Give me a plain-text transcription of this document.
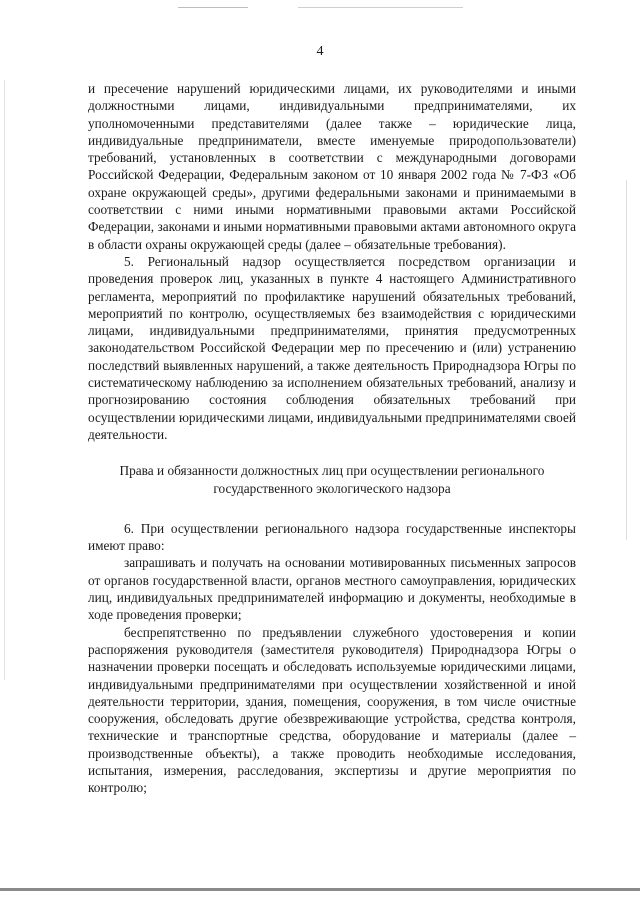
4

и пресечение нарушений юридическими лицами, их руководителями и иными должностными лицами, индивидуальными предпринимателями, их уполномоченными представителями (далее также – юридические лица, индивидуальные предприниматели, вместе именуемые природопользователи) требований, установленных в соответствии с международными договорами Российской Федерации, Федеральным законом от 10 января 2002 года № 7-ФЗ «Об охране окружающей среды», другими федеральными законами и принимаемыми в соответствии с ними иными нормативными правовыми актами Российской Федерации, законами и иными нормативными правовыми актами автономного округа в области охраны окружающей среды (далее – обязательные требования).

5. Региональный надзор осуществляется посредством организации и проведения проверок лиц, указанных в пункте 4 настоящего Административного регламента, мероприятий по профилактике нарушений обязательных требований, мероприятий по контролю, осуществляемых без взаимодействия с юридическими лицами, индивидуальными предпринимателями, принятия предусмотренных законодательством Российской Федерации мер по пресечению и (или) устранению последствий выявленных нарушений, а также деятельность Природнадзора Югры по систематическому наблюдению за исполнением обязательных требований, анализу и прогнозированию состояния соблюдения обязательных требований при осуществлении юридическими лицами, индивидуальными предпринимателями своей деятельности.

Права и обязанности должностных лиц при осуществлении регионального
государственного экологического надзора

6. При осуществлении регионального надзора государственные инспекторы имеют право:

запрашивать и получать на основании мотивированных письменных запросов от органов государственной власти, органов местного самоуправления, юридических лиц, индивидуальных предпринимателей информацию и документы, необходимые в ходе проведения проверки;

беспрепятственно по предъявлении служебного удостоверения и копии распоряжения руководителя (заместителя руководителя) Природнадзора Югры о назначении проверки посещать и обследовать используемые юридическими лицами, индивидуальными предпринимателями при осуществлении хозяйственной и иной деятельности территории, здания, помещения, сооружения, в том числе очистные сооружения, обследовать другие обезвреживающие устройства, средства контроля, технические и транспортные средства, оборудование и материалы (далее – производственные объекты), а также проводить необходимые исследования, испытания, измерения, расследования, экспертизы и другие мероприятия по контролю;
